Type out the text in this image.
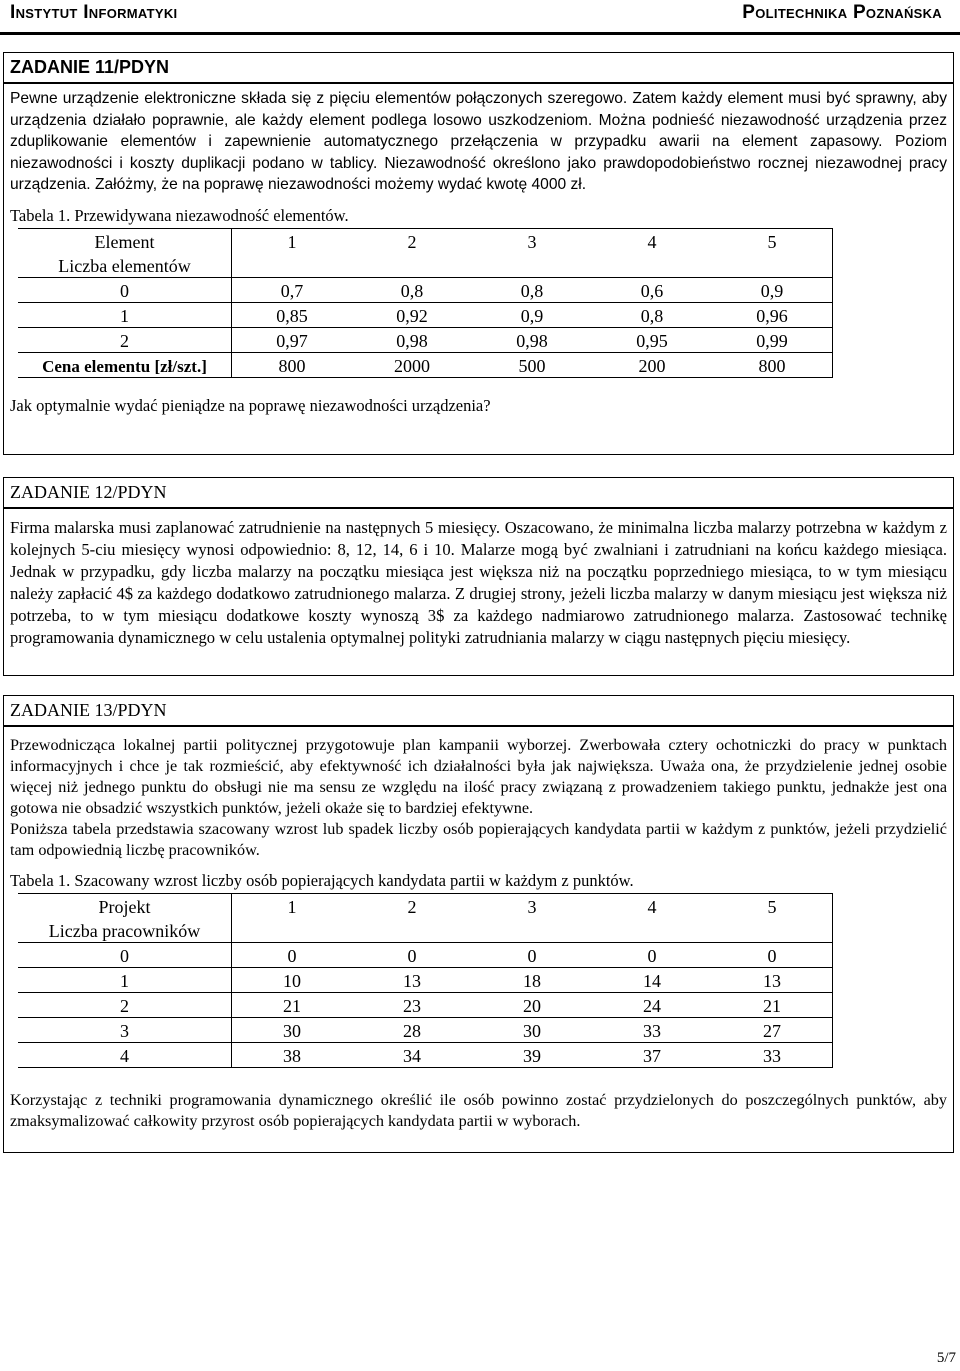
Instytut Informatyki	Politechnika Poznańska
ZADANIE 11/PDYN
Pewne urządzenie elektroniczne składa się z pięciu elementów połączonych szeregowo. Zatem każdy element musi być sprawny, aby urządzenia działało poprawnie, ale każdy element podlega losowo uszkodzeniom. Można podnieść niezawodność urządzenia przez zduplikowanie elementów i zapewnienie automatycznego przełączenia w przypadku awarii na element zapasowy. Poziom niezawodności i koszty duplikacji podano w tablicy. Niezawodność określono jako prawdopodobieństwo rocznej niezawodnej pracy urządzenia. Załóżmy, że na poprawę niezawodności możemy wydać kwotę 4000 zł.
Tabela 1. Przewidywana niezawodność elementów.
Element	1	2	3	4	5
Liczba elementów					
0	0,7	0,8	0,8	0,6	0,9
1	0,85	0,92	0,9	0,8	0,96
2	0,97	0,98	0,98	0,95	0,99
Cena elementu [zł/szt.]	800	2000	500	200	800
Jak optymalnie wydać pieniądze na poprawę niezawodności urządzenia?
ZADANIE 12/PDYN
Firma malarska musi zaplanować zatrudnienie na następnych 5 miesięcy. Oszacowano, że minimalna liczba malarzy potrzebna w każdym z kolejnych 5-ciu miesięcy wynosi odpowiednio: 8, 12, 14, 6 i 10. Malarze mogą być zwalniani i zatrudniani na końcu każdego miesiąca. Jednak w przypadku, gdy liczba malarzy na początku miesiąca jest większa niż na początku poprzedniego miesiąca, to w tym miesiącu należy zapłacić 4$ za każdego dodatkowo zatrudnionego malarza. Z drugiej strony, jeżeli liczba malarzy w danym miesiącu jest większa niż potrzeba, to w tym miesiącu dodatkowe koszty wynoszą 3$ za każdego nadmiarowo zatrudnionego malarza. Zastosować technikę programowania dynamicznego w celu ustalenia optymalnej polityki zatrudniania malarzy w ciągu następnych pięciu miesięcy.
ZADANIE 13/PDYN
Przewodnicząca lokalnej partii politycznej przygotowuje plan kampanii wyborzej. Zwerbowała cztery ochotniczki do pracy w punktach informacyjnych i chce je tak rozmieścić, aby efektywność ich działalności była jak największa. Uważa ona, że przydzielenie jednej osobie więcej niż jednego punktu do obsługi nie ma sensu ze względu na ilość pracy związaną z prowadzeniem takiego punktu, jednakże jest ona gotowa nie obsadzić wszystkich punktów, jeżeli okaże się to bardziej efektywne.
Poniższa tabela przedstawia szacowany wzrost lub spadek liczby osób popierających kandydata partii w każdym z punktów, jeżeli przydzielić tam odpowiednią liczbę pracowników.
Tabela 1. Szacowany wzrost liczby osób popierających kandydata partii w każdym z punktów.
Projekt	1	2	3	4	5
Liczba pracowników					
0	0	0	0	0	0
1	10	13	18	14	13
2	21	23	20	24	21
3	30	28	30	33	27
4	38	34	39	37	33
Korzystając z techniki programowania dynamicznego określić ile osób powinno zostać przydzielonych do poszczególnych punktów, aby zmaksymalizować całkowity przyrost osób popierających kandydata partii w wyborach.
5/7
